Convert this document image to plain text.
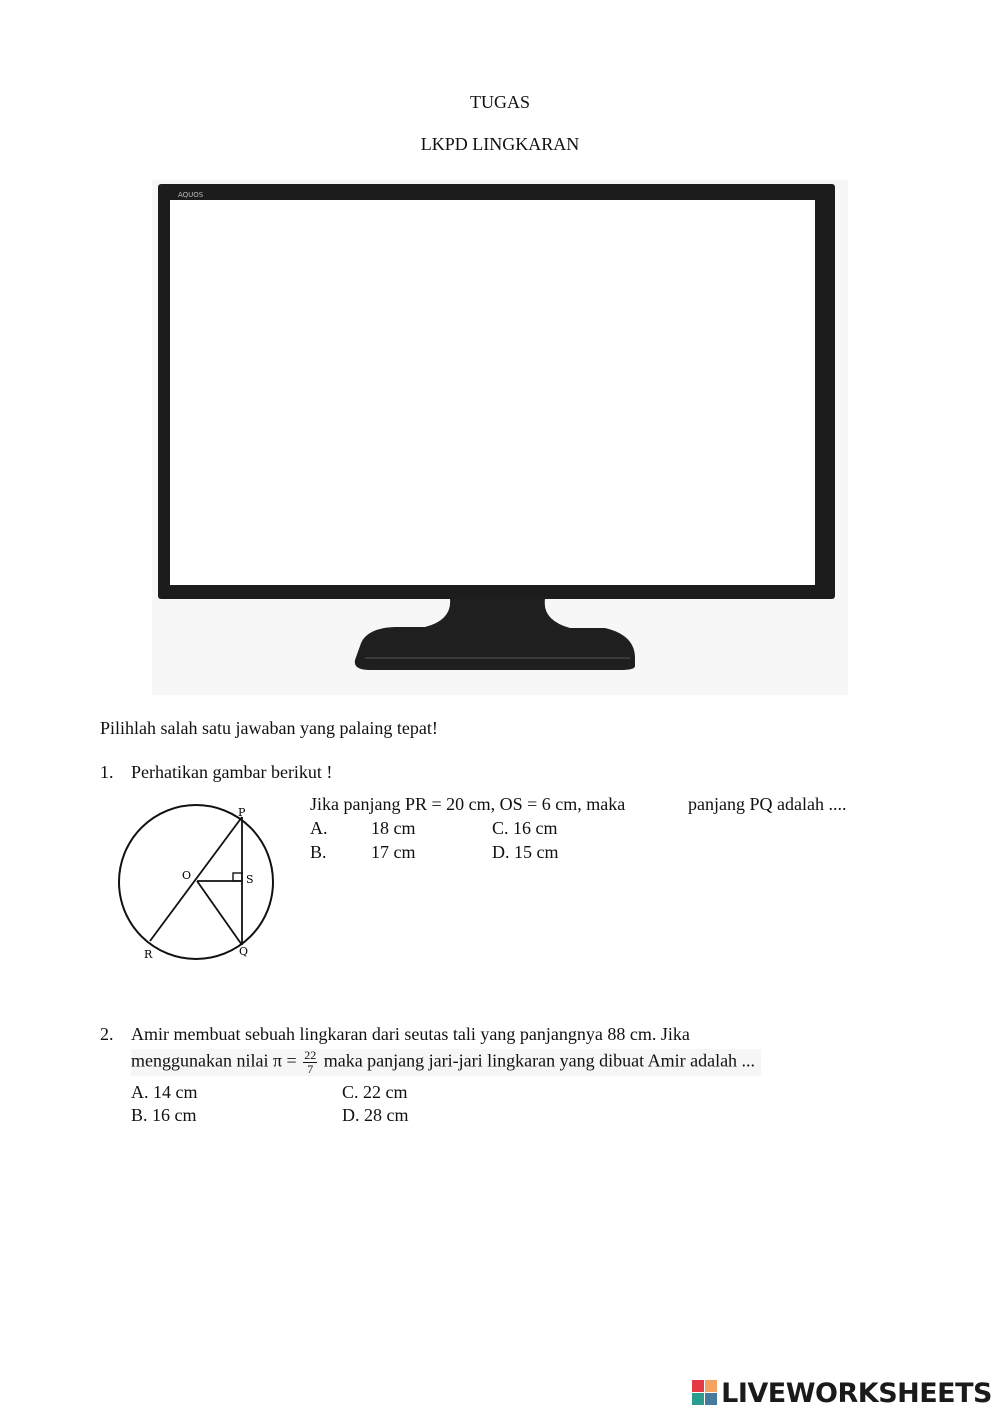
TUGAS
LKPD LINGKARAN
AQUOS
Pilihlah salah satu jawaban yang palaing tepat!
1. Perhatikan gambar berikut !
P
O	S
R	Q
Jika panjang PR = 20 cm, OS = 6 cm, maka	panjang PQ adalah ....
A. 18 cm	C. 16 cm
B. 17 cm	D. 15 cm
2. Amir membuat sebuah lingkaran dari seutas tali yang panjangnya 88 cm. Jika
menggunakan nilai $\pi = \frac{22}{7}$ maka panjang jari-jari lingkaran yang dibuat Amir adalah ...
A. 14 cm	C. 22 cm
B. 16 cm	D. 28 cm
LIVEWORKSHEETS
